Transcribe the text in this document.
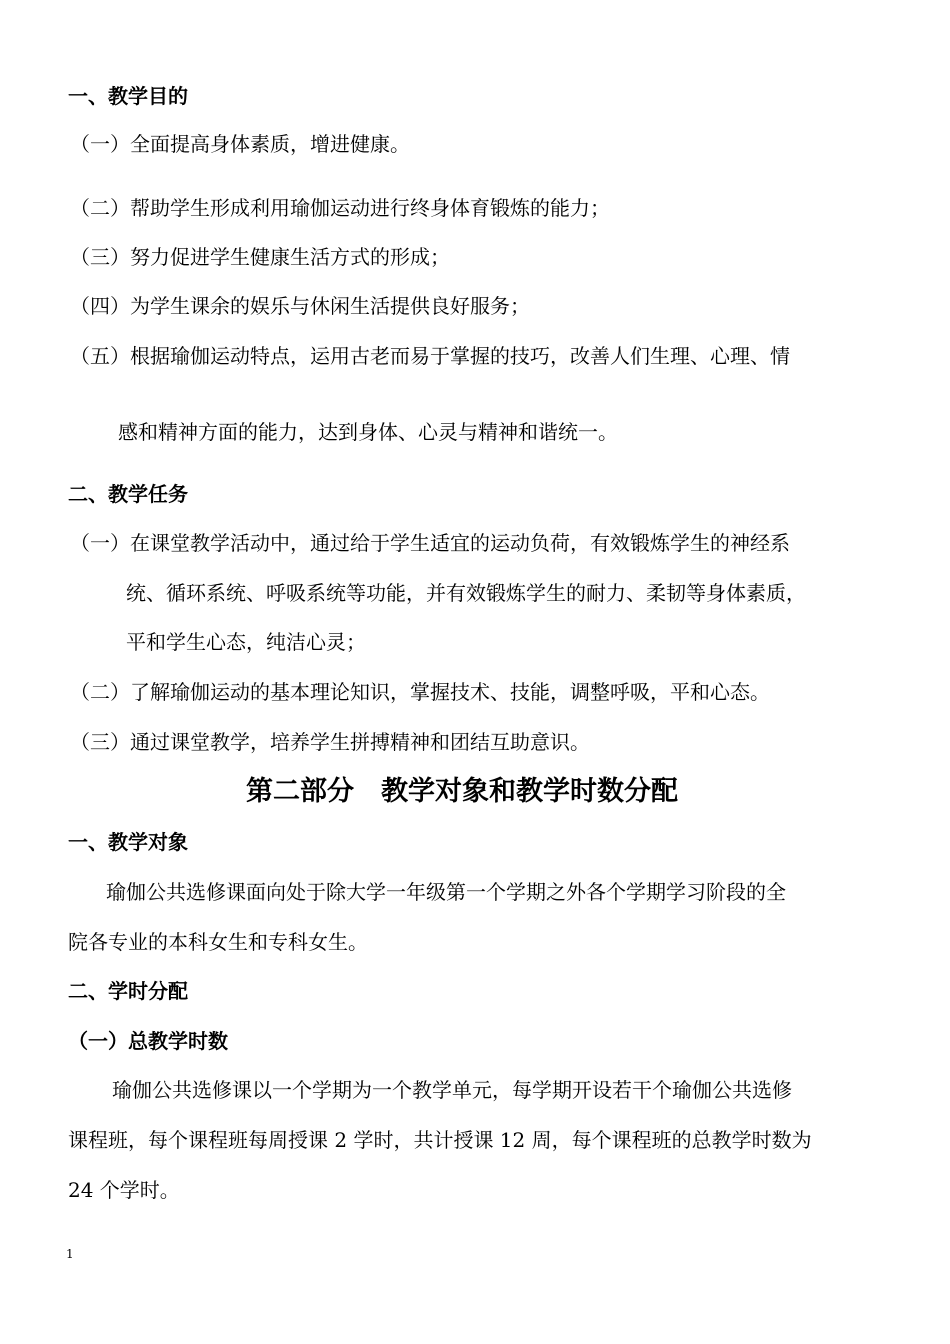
一、教学目的
（一）全面提高身体素质，增进健康。
（二）帮助学生形成利用瑜伽运动进行终身体育锻炼的能力；
（三）努力促进学生健康生活方式的形成；
（四）为学生课余的娱乐与休闲生活提供良好服务；
（五）根据瑜伽运动特点，运用古老而易于掌握的技巧，改善人们生理、心理、情
感和精神方面的能力，达到身体、心灵与精神和谐统一。
二、教学任务
（一）在课堂教学活动中，通过给于学生适宜的运动负荷，有效锻炼学生的神经系
统、循环系统、呼吸系统等功能，并有效锻炼学生的耐力、柔韧等身体素质，
平和学生心态，纯洁心灵；
（二）了解瑜伽运动的基本理论知识，掌握技术、技能，调整呼吸，平和心态。
（三）通过课堂教学，培养学生拼搏精神和团结互助意识。
第二部分　教学对象和教学时数分配
一、教学对象
瑜伽公共选修课面向处于除大学一年级第一个学期之外各个学期学习阶段的全
院各专业的本科女生和专科女生。
二、学时分配
（一）总教学时数
瑜伽公共选修课以一个学期为一个教学单元，每学期开设若干个瑜伽公共选修
课程班，每个课程班每周授课 2 学时，共计授课 12 周，每个课程班的总教学时数为
24 个学时。
1
